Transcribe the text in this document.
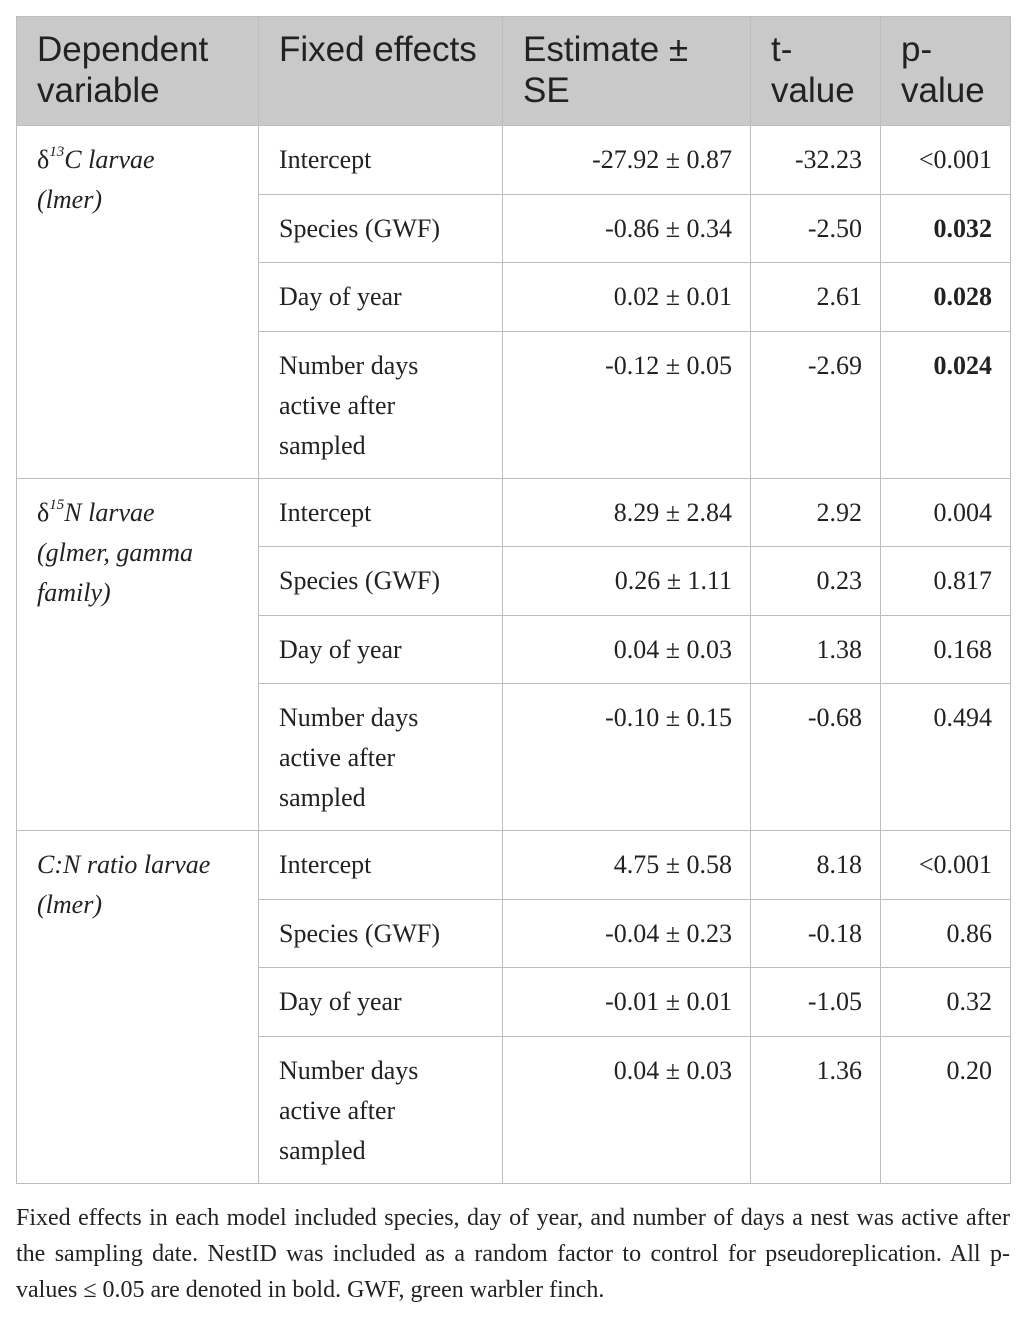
Dependent variable	Fixed effects	Estimate ± SE	t-value	p-value
$\delta^{13}C$ larvae
(lmer)	Intercept	-27.92 ± 0.87	-32.23	<0.001
	Species (GWF)	-0.86 ± 0.34	-2.50	0.032
	Day of year	0.02 ± 0.01	2.61	0.028
	Number days active after sampled	-0.12 ± 0.05	-2.69	0.024
$\delta^{15}N$ larvae
(glmer, gamma family)	Intercept	8.29 ± 2.84	2.92	0.004
	Species (GWF)	0.26 ± 1.11	0.23	0.817
	Day of year	0.04 ± 0.03	1.38	0.168
	Number days active after sampled	-0.10 ± 0.15	-0.68	0.494
C:N ratio larvae
(lmer)	Intercept	4.75 ± 0.58	8.18	<0.001
	Species (GWF)	-0.04 ± 0.23	-0.18	0.86
	Day of year	-0.01 ± 0.01	-1.05	0.32
	Number days active after sampled	0.04 ± 0.03	1.36	0.20
Fixed effects in each model included species, day of year, and number of days a nest was active after the sampling date. NestID was included as a random factor to control for pseudoreplication. All p-values ≤ 0.05 are denoted in bold. GWF, green warbler finch.
